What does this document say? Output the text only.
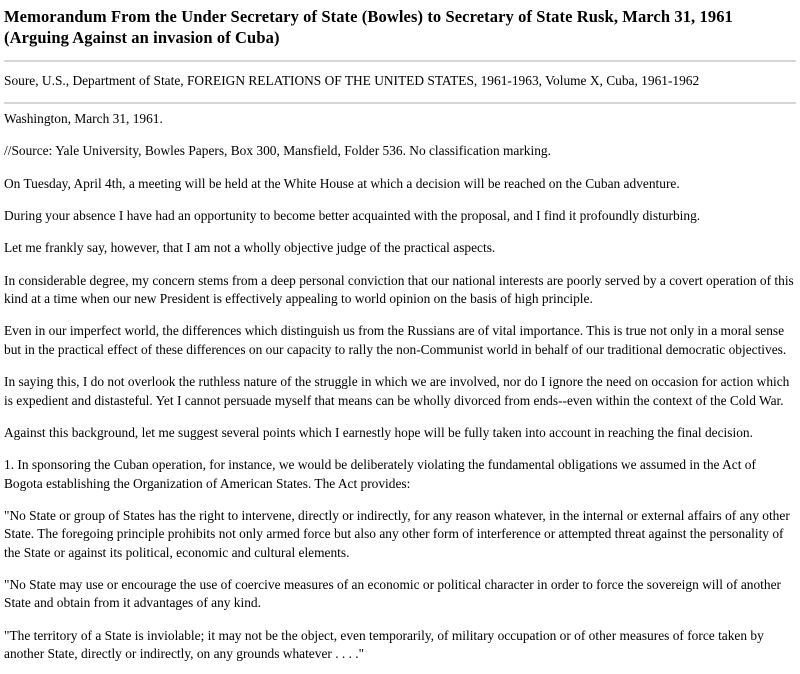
Memorandum From the Under Secretary of State (Bowles) to Secretary of State Rusk, March 31, 1961 (Arguing Against an invasion of Cuba)

Soure, U.S., Department of State, FOREIGN RELATIONS OF THE UNITED STATES, 1961-1963, Volume X, Cuba, 1961-1962

Washington, March 31, 1961.

//Source: Yale University, Bowles Papers, Box 300, Mansfield, Folder 536. No classification marking.

On Tuesday, April 4th, a meeting will be held at the White House at which a decision will be reached on the Cuban adventure.

During your absence I have had an opportunity to become better acquainted with the proposal, and I find it profoundly disturbing.

Let me frankly say, however, that I am not a wholly objective judge of the practical aspects.

In considerable degree, my concern stems from a deep personal conviction that our national interests are poorly served by a covert operation of this kind at a time when our new President is effectively appealing to world opinion on the basis of high principle.

Even in our imperfect world, the differences which distinguish us from the Russians are of vital importance. This is true not only in a moral sense but in the practical effect of these differences on our capacity to rally the non-Communist world in behalf of our traditional democratic objectives.

In saying this, I do not overlook the ruthless nature of the struggle in which we are involved, nor do I ignore the need on occasion for action which is expedient and distasteful. Yet I cannot persuade myself that means can be wholly divorced from ends--even within the context of the Cold War.

Against this background, let me suggest several points which I earnestly hope will be fully taken into account in reaching the final decision.

1. In sponsoring the Cuban operation, for instance, we would be deliberately violating the fundamental obligations we assumed in the Act of Bogota establishing the Organization of American States. The Act provides:

"No State or group of States has the right to intervene, directly or indirectly, for any reason whatever, in the internal or external affairs of any other State. The foregoing principle prohibits not only armed force but also any other form of interference or attempted threat against the personality of the State or against its political, economic and cultural elements.

"No State may use or encourage the use of coercive measures of an economic or political character in order to force the sovereign will of another State and obtain from it advantages of any kind.

"The territory of a State is inviolable; it may not be the object, even temporarily, of military occupation or of other measures of force taken by another State, directly or indirectly, on any grounds whatever . . . ."
